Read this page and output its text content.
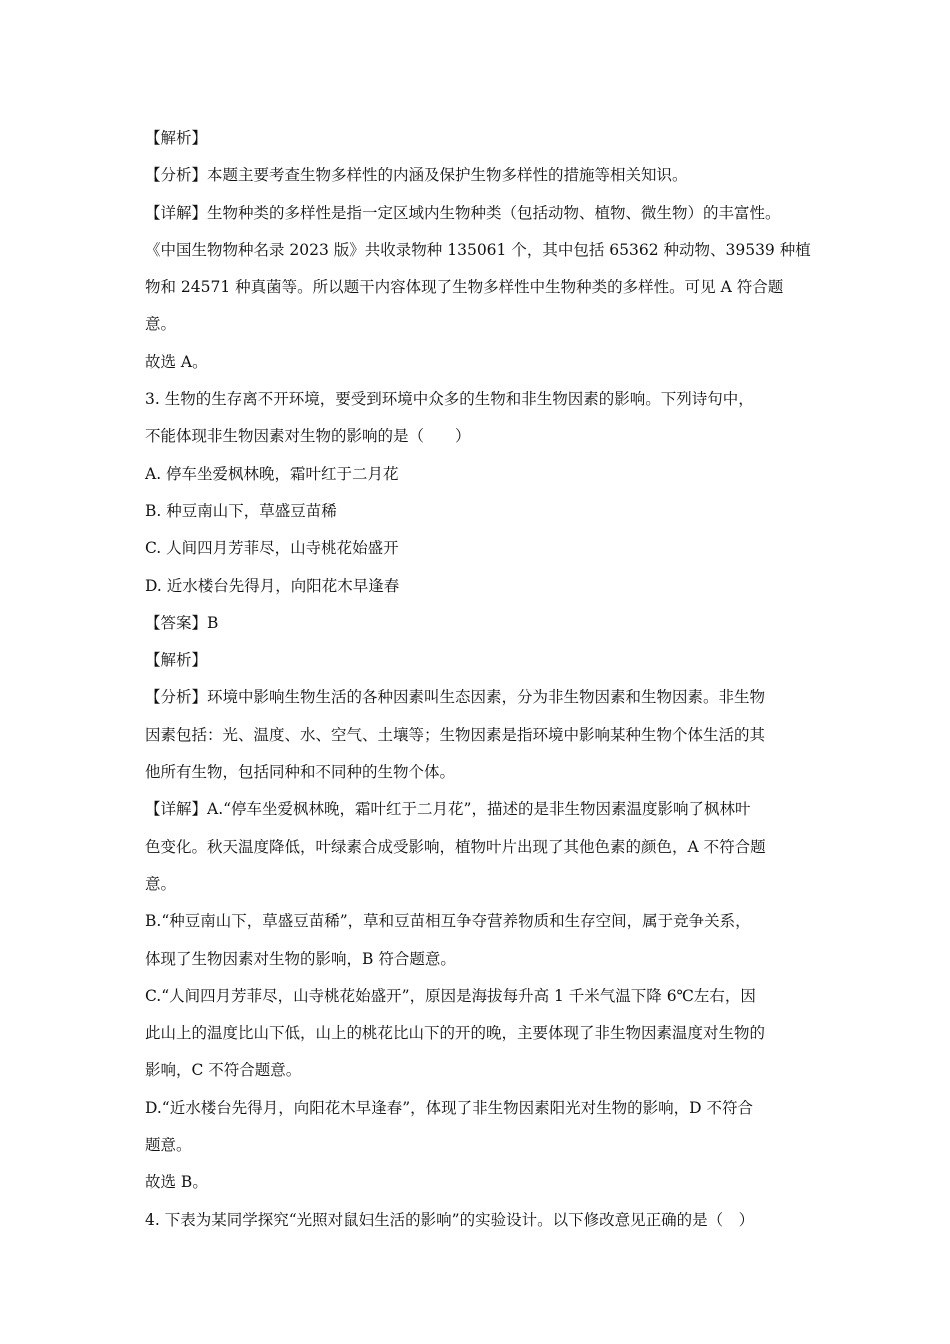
【解析】
【分析】本题主要考查生物多样性的内涵及保护生物多样性的措施等相关知识。
【详解】生物种类的多样性是指一定区域内生物种类（包括动物、植物、微生物）的丰富性。
《中国生物物种名录 2023 版》共收录物种 135061 个，其中包括 65362 种动物、39539 种植
物和 24571 种真菌等。所以题干内容体现了生物多样性中生物种类的多样性。可见 A 符合题
意。
故选 A。
3. 生物的生存离不开环境，要受到环境中众多的生物和非生物因素的影响。下列诗句中，
不能体现非生物因素对生物的影响的是（　　）
A. 停车坐爱枫林晚，霜叶红于二月花
B. 种豆南山下，草盛豆苗稀
C. 人间四月芳菲尽，山寺桃花始盛开
D. 近水楼台先得月，向阳花木早逢春
【答案】B
【解析】
【分析】环境中影响生物生活的各种因素叫生态因素，分为非生物因素和生物因素。非生物
因素包括：光、温度、水、空气、土壤等；生物因素是指环境中影响某种生物个体生活的其
他所有生物，包括同种和不同种的生物个体。
【详解】A.“停车坐爱枫林晚，霜叶红于二月花”，描述的是非生物因素温度影响了枫林叶
色变化。秋天温度降低，叶绿素合成受影响，植物叶片出现了其他色素的颜色，A 不符合题
意。
B.“种豆南山下，草盛豆苗稀”，草和豆苗相互争夺营养物质和生存空间，属于竞争关系，
体现了生物因素对生物的影响，B 符合题意。
C.“人间四月芳菲尽，山寺桃花始盛开”，原因是海拔每升高 1 千米气温下降 6℃左右，因
此山上的温度比山下低，山上的桃花比山下的开的晚，主要体现了非生物因素温度对生物的
影响，C 不符合题意。
D.“近水楼台先得月，向阳花木早逢春”，体现了非生物因素阳光对生物的影响，D 不符合
题意。
故选 B。
4. 下表为某同学探究“光照对鼠妇生活的影响”的实验设计。以下修改意见正确的是（　）
